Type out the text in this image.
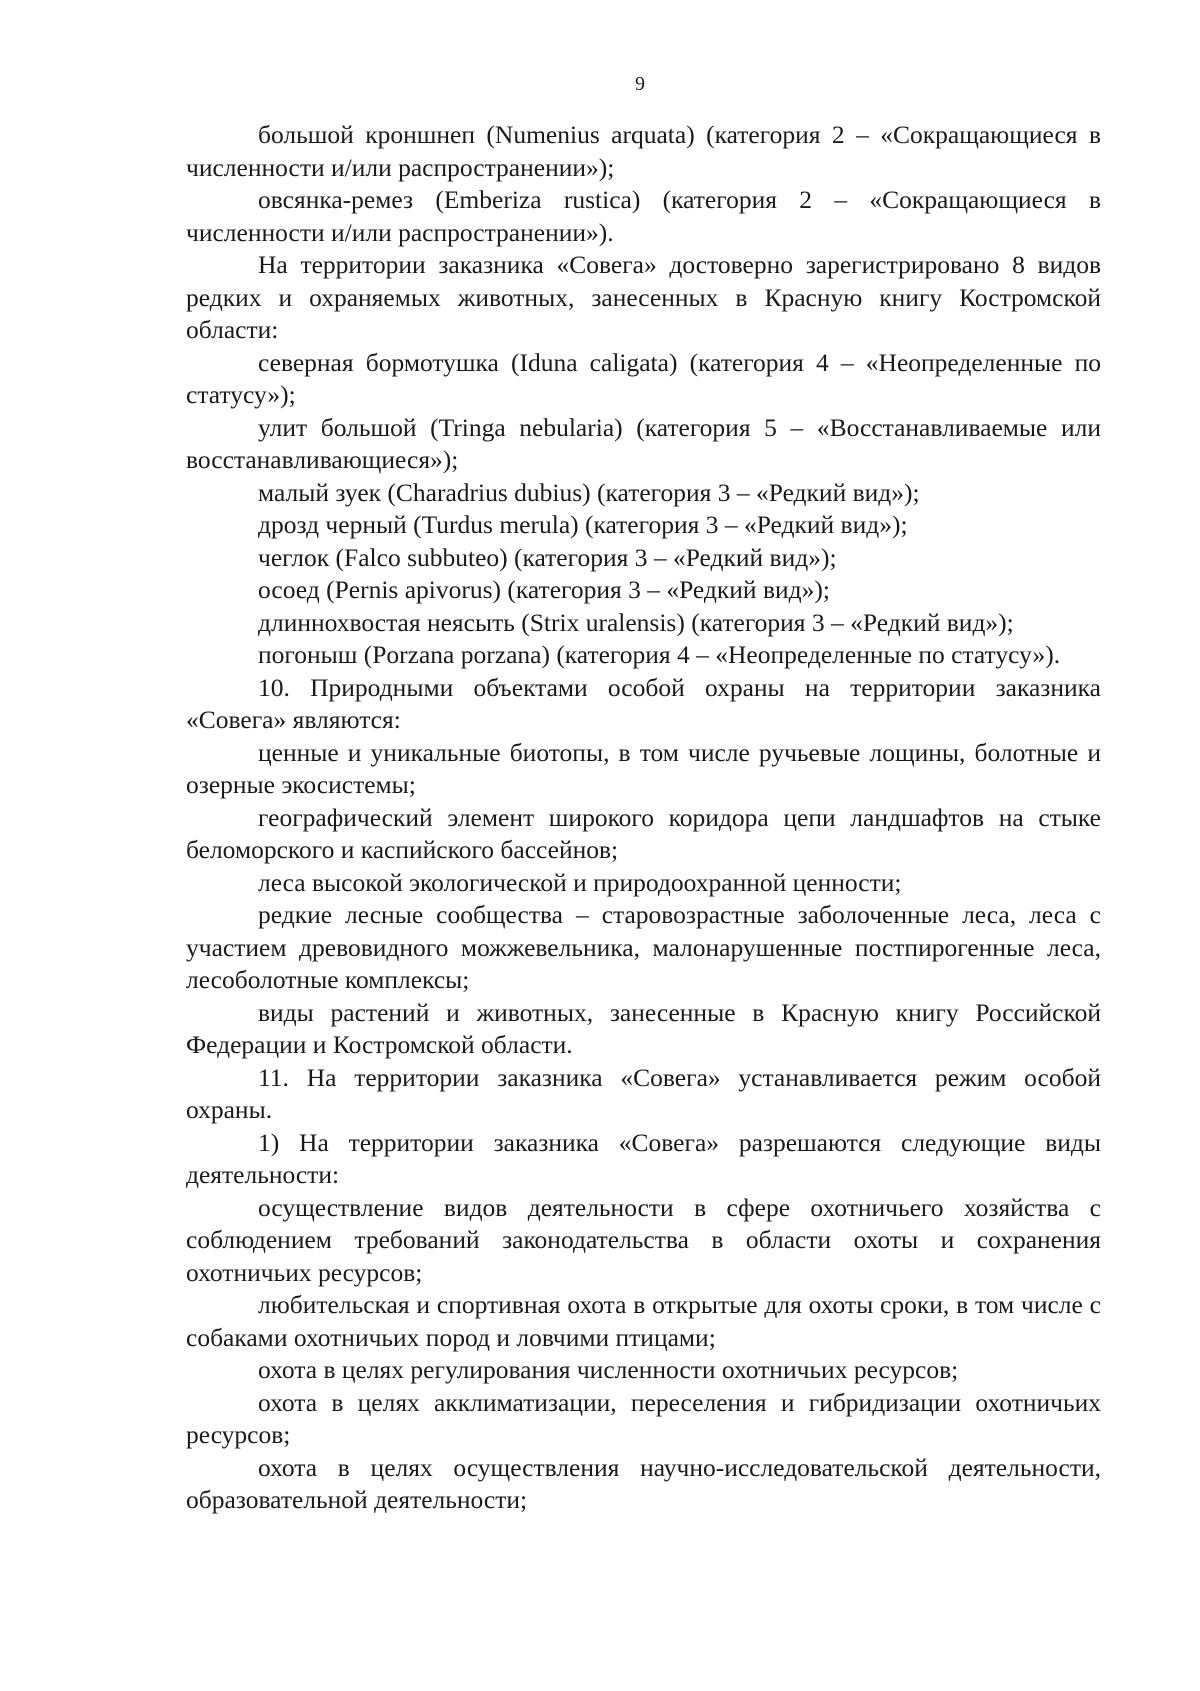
9

большой кроншнеп (Numenius arquata) (категория 2 – «Сокращающиеся в численности и/или распространении»);

овсянка-ремез (Emberiza rustica) (категория 2 – «Сокращающиеся в численности и/или распространении»).

На территории заказника «Совега» достоверно зарегистрировано 8 видов редких и охраняемых животных, занесенных в Красную книгу Костромской области:

северная бормотушка (Iduna caligata) (категория 4 – «Неопределенные по статусу»);

улит большой (Tringa nebularia) (категория 5 – «Восстанавливаемые или восстанавливающиеся»);

малый зуек (Charadrius dubius) (категория 3 – «Редкий вид»);

дрозд черный (Turdus merula) (категория 3 – «Редкий вид»);

чеглок (Falco subbuteo) (категория 3 – «Редкий вид»);

осоед (Pernis apivorus) (категория 3 – «Редкий вид»);

длиннохвостая неясыть (Strix uralensis) (категория 3 – «Редкий вид»);

погоныш (Porzana porzana) (категория 4 – «Неопределенные по статусу»).

10. Природными объектами особой охраны на территории заказника «Совега» являются:

ценные и уникальные биотопы, в том числе ручьевые лощины, болотные и озерные экосистемы;

географический элемент широкого коридора цепи ландшафтов на стыке беломорского и каспийского бассейнов;

леса высокой экологической и природоохранной ценности;

редкие лесные сообщества – старовозрастные заболоченные леса, леса с участием древовидного можжевельника, малонарушенные постпирогенные леса, лесоболотные комплексы;

виды растений и животных, занесенные в Красную книгу Российской Федерации и Костромской области.

11. На территории заказника «Совега» устанавливается режим особой охраны.

1) На территории заказника «Совега» разрешаются следующие виды деятельности:

осуществление видов деятельности в сфере охотничьего хозяйства с соблюдением требований законодательства в области охоты и сохранения охотничьих ресурсов;

любительская и спортивная охота в открытые для охоты сроки, в том числе с собаками охотничьих пород и ловчими птицами;

охота в целях регулирования численности охотничьих ресурсов;

охота в целях акклиматизации, переселения и гибридизации охотничьих ресурсов;

охота в целях осуществления научно-исследовательской деятельности, образовательной деятельности;
